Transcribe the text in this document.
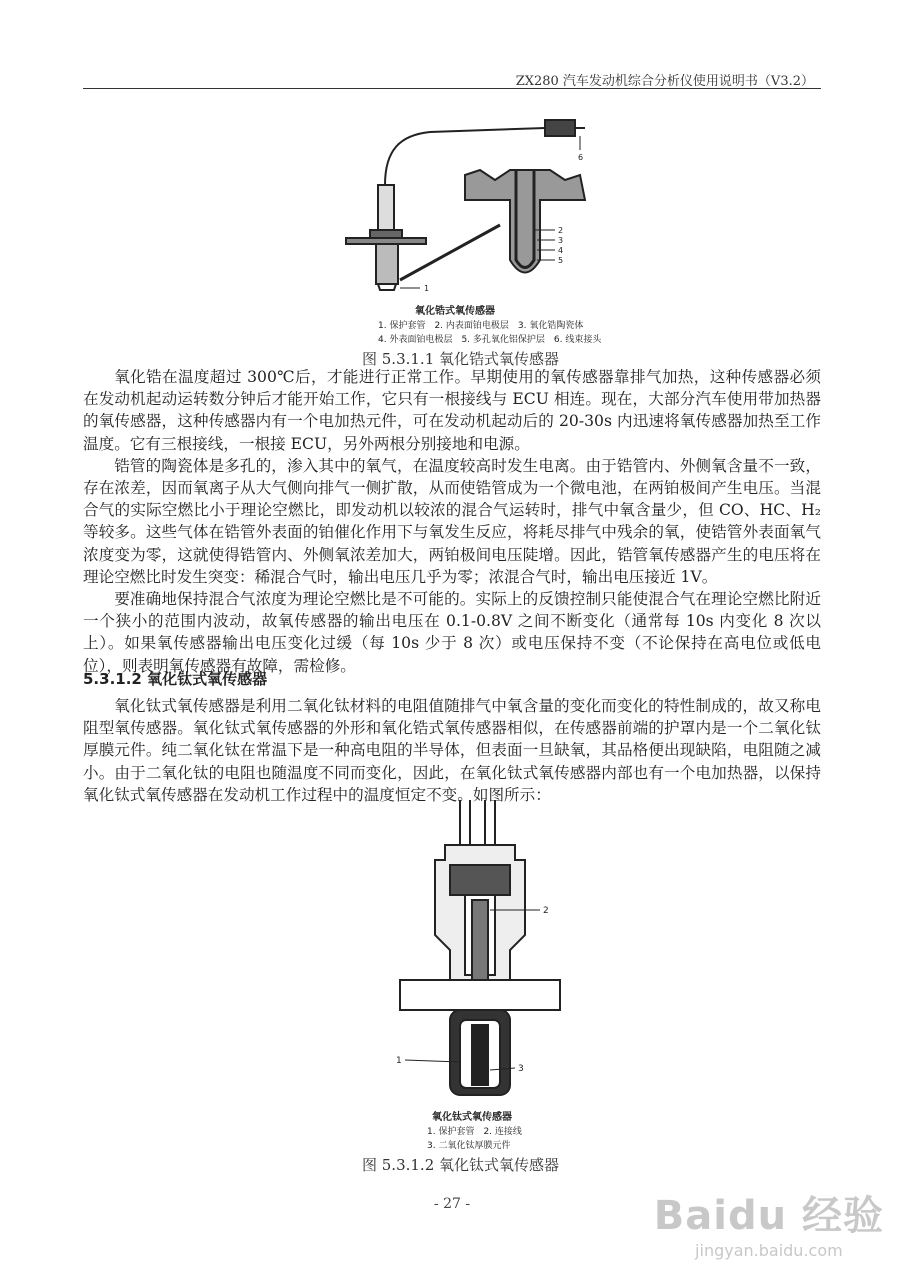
ZX280 汽车发动机综合分析仪使用说明书（V3.2）
1
2
3
4
5
6
氧化锆式氧传感器
1. 保护套管　2. 内表面铂电极层　3. 氧化锆陶瓷体
4. 外表面铂电极层　5. 多孔氧化铝保护层　6. 线束接头
图 5.3.1.1 氧化锆式氧传感器

氧化锆在温度超过 300℃后，才能进行正常工作。早期使用的氧传感器靠排气加热，这种传感器必须在发动机起动运转数分钟后才能开始工作，它只有一根接线与 ECU 相连。现在，大部分汽车使用带加热器的氧传感器，这种传感器内有一个电加热元件，可在发动机起动后的 20-30s 内迅速将氧传感器加热至工作温度。它有三根接线，一根接 ECU，另外两根分别接地和电源。

锆管的陶瓷体是多孔的，渗入其中的氧气，在温度较高时发生电离。由于锆管内、外侧氧含量不一致，存在浓差，因而氧离子从大气侧向排气一侧扩散，从而使锆管成为一个微电池，在两铂极间产生电压。当混合气的实际空燃比小于理论空燃比，即发动机以较浓的混合气运转时，排气中氧含量少，但 CO、HC、H₂等较多。这些气体在锆管外表面的铂催化作用下与氧发生反应，将耗尽排气中残余的氧，使锆管外表面氧气浓度变为零，这就使得锆管内、外侧氧浓差加大，两铂极间电压陡增。因此，锆管氧传感器产生的电压将在理论空燃比时发生突变：稀混合气时，输出电压几乎为零；浓混合气时，输出电压接近 1V。

要准确地保持混合气浓度为理论空燃比是不可能的。实际上的反馈控制只能使混合气在理论空燃比附近一个狭小的范围内波动，故氧传感器的输出电压在 0.1-0.8V 之间不断变化（通常每 10s 内变化 8 次以上）。如果氧传感器输出电压变化过缓（每 10s 少于 8 次）或电压保持不变（不论保持在高电位或低电位），则表明氧传感器有故障，需检修。

5.3.1.2 氧化钛式氧传感器

氧化钛式氧传感器是利用二氧化钛材料的电阻值随排气中氧含量的变化而变化的特性制成的，故又称电阻型氧传感器。氧化钛式氧传感器的外形和氧化锆式氧传感器相似，在传感器前端的护罩内是一个二氧化钛厚膜元件。纯二氧化钛在常温下是一种高电阻的半导体，但表面一旦缺氧，其品格便出现缺陷，电阻随之减小。由于二氧化钛的电阻也随温度不同而变化，因此，在氧化钛式氧传感器内部也有一个电加热器，以保持氧化钛式氧传感器在发动机工作过程中的温度恒定不变。如图所示：

1
2
3
氧化钛式氧传感器
1. 保护套管　2. 连接线
3. 二氧化钛厚膜元件
图 5.3.1.2 氧化钛式氧传感器
- 27 -	Baidu 经验
jingyan.baidu.com
